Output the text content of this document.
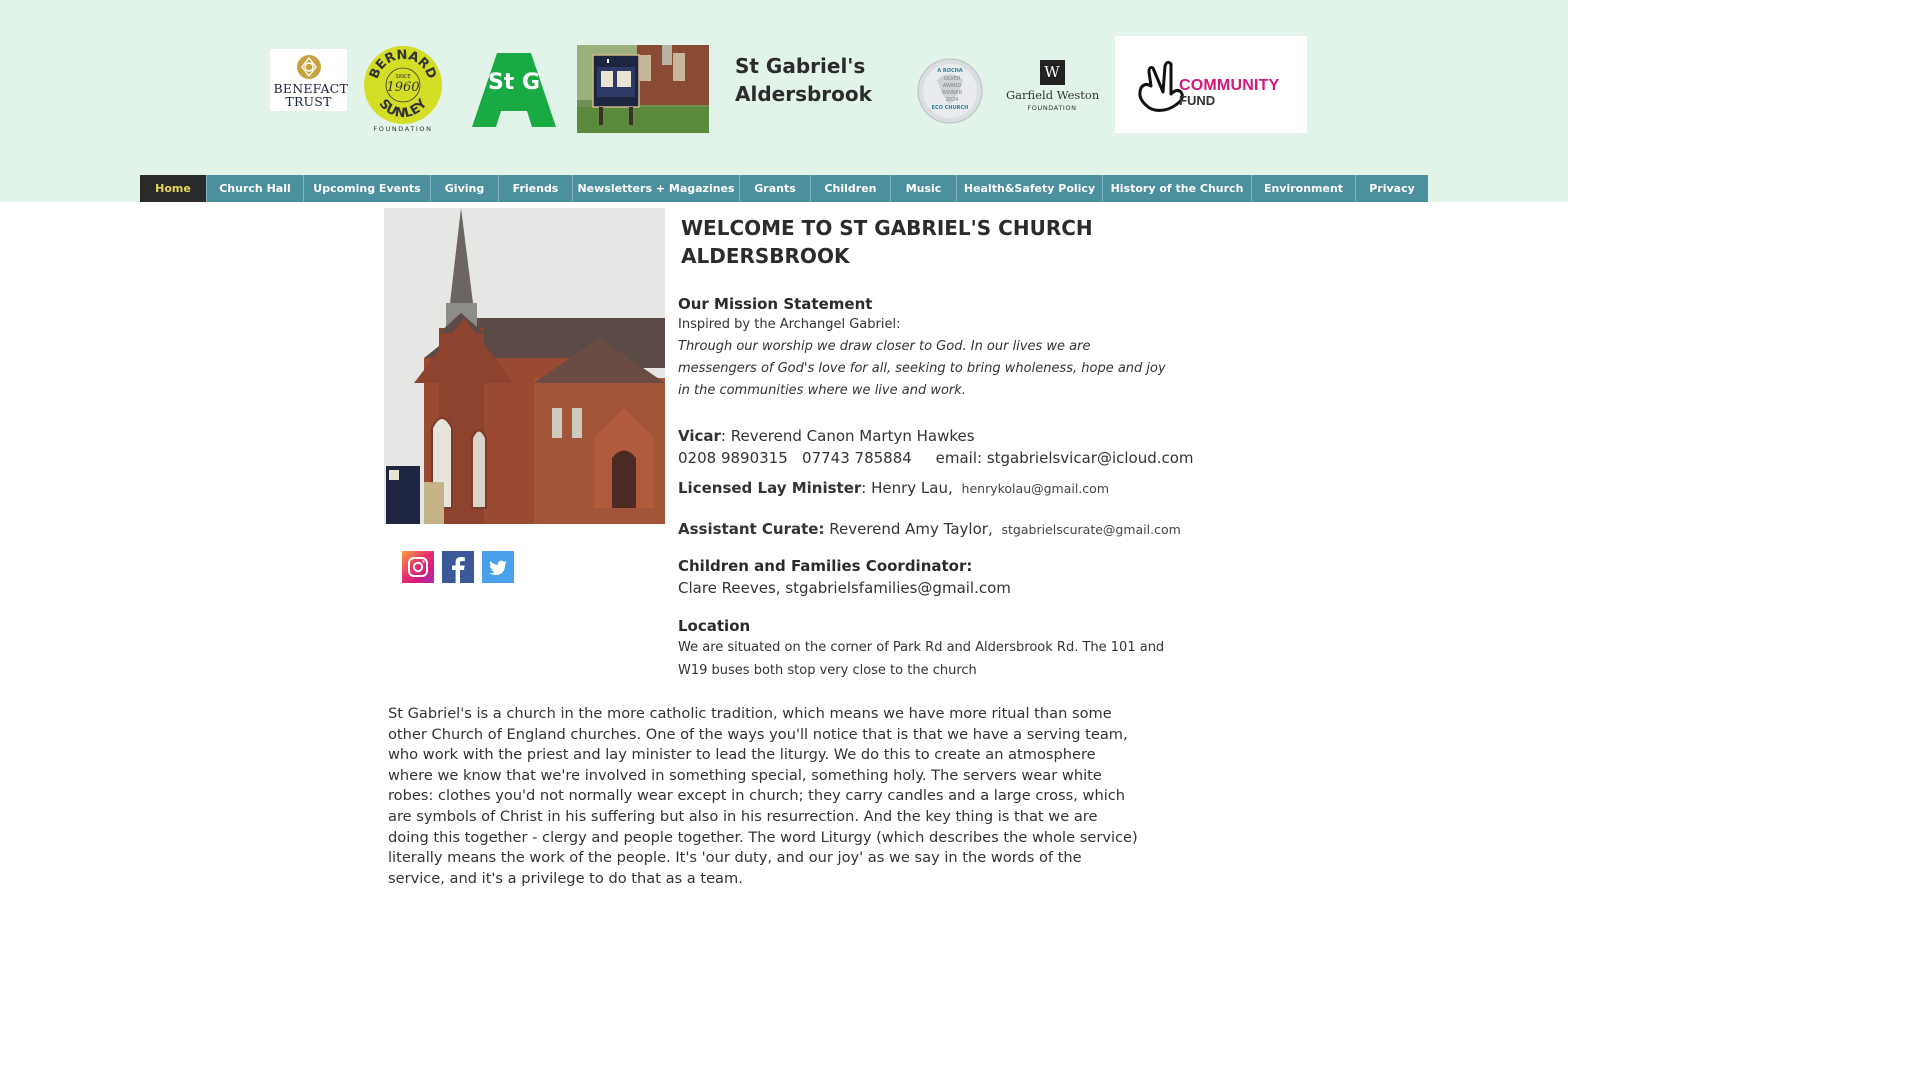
BENEFACT TRUST
BERNARD
SUNLEY
SINCE
1960
FOUNDATION
St G
St Gabriel's Aldersbrook
A ROCHA
SILVER
AWARD
WINNER
2024
ECO CHURCH
W
Garfield Weston
FOUNDATION
COMMUNITY
FUND
Home	Church Hall	Upcoming Events	Giving	Friends	Newsletters + Magazines	Grants	Children	Music	Health&Safety Policy	History of the Church	Environment	Privacy
WELCOME TO ST GABRIEL'S CHURCH ALDERSBROOK
Our Mission Statement
Inspired by the Archangel Gabriel:
Through our worship we draw closer to God. In our lives we are messengers of God's love for all, seeking to bring wholeness, hope and joy in the communities where we live and work.
Vicar: Reverend Canon Martyn Hawkes
0208 9890315   07743 785884     email: stgabrielsvicar@icloud.com
Licensed Lay Minister: Henry Lau, henrykolau@gmail.com
Assistant Curate: Reverend Amy Taylor, stgabrielscurate@gmail.com
Children and Families Coordinator:
Clare Reeves, stgabrielsfamilies@gmail.com
Location
We are situated on the corner of Park Rd and Aldersbrook Rd. The 101 and W19 buses both stop very close to the church
St Gabriel's is a church in the more catholic tradition, which means we have more ritual than some other Church of England churches. One of the ways you'll notice that is that we have a serving team, who work with the priest and lay minister to lead the liturgy. We do this to create an atmosphere where we know that we're involved in something special, something holy. The servers wear white robes: clothes you'd not normally wear except in church; they carry candles and a large cross, which are symbols of Christ in his suffering but also in his resurrection. And the key thing is that we are doing this together - clergy and people together. The word Liturgy (which describes the whole service) literally means the work of the people. It's 'our duty, and our joy' as we say in the words of the service, and it's a privilege to do that as a team.
